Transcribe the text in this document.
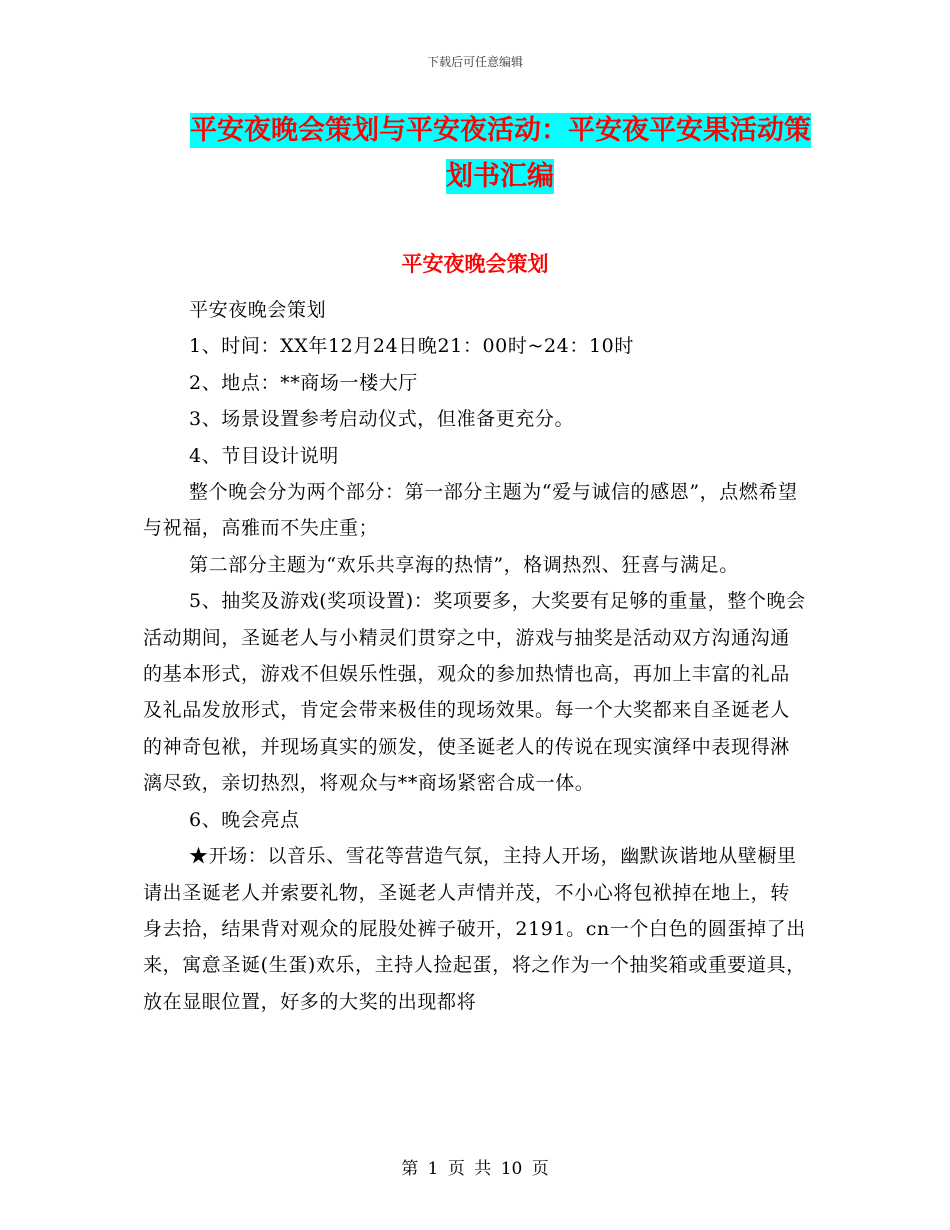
下载后可任意编辑
平安夜晚会策划与平安夜活动：平安夜平安果活动策
划书汇编
平安夜晚会策划

平安夜晚会策划

1、时间：XX年12月24日晚21：00时~24：10时

2、地点：**商场一楼大厅

3、场景设置参考启动仪式，但准备更充分。

4、节目设计说明

整个晚会分为两个部分：第一部分主题为“爱与诚信的感恩”，点燃希望与祝福，高雅而不失庄重；

第二部分主题为“欢乐共享海的热情”，格调热烈、狂喜与满足。

5、抽奖及游戏(奖项设置)：奖项要多，大奖要有足够的重量，整个晚会活动期间，圣诞老人与小精灵们贯穿之中，游戏与抽奖是活动双方沟通沟通的基本形式，游戏不但娱乐性强，观众的参加热情也高，再加上丰富的礼品及礼品发放形式，肯定会带来极佳的现场效果。每一个大奖都来自圣诞老人的神奇包袱，并现场真实的颁发，使圣诞老人的传说在现实演绎中表现得淋漓尽致，亲切热烈，将观众与**商场紧密合成一体。

6、晚会亮点

★开场：以音乐、雪花等营造气氛，主持人开场，幽默诙谐地从壁橱里请出圣诞老人并索要礼物，圣诞老人声情并茂，不小心将包袱掉在地上，转身去拾，结果背对观众的屁股处裤子破开，2191。cn一个白色的圆蛋掉了出来，寓意圣诞(生蛋)欢乐，主持人捡起蛋，将之作为一个抽奖箱或重要道具，放在显眼位置，好多的大奖的出现都将

第 1 页 共 10 页
